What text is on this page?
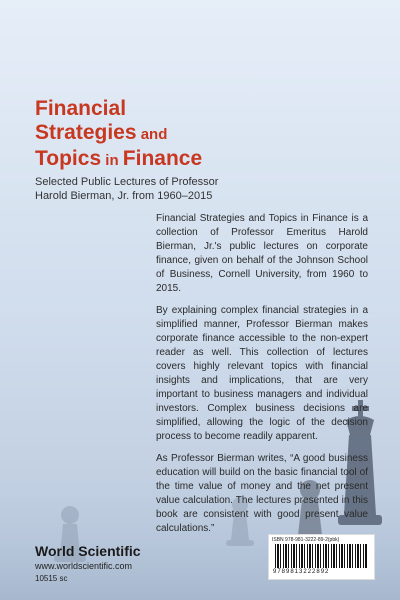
Financial
Strategies and
Topics in Finance
Selected Public Lectures of Professor
Harold Bierman, Jr. from 1960–2015

Financial Strategies and Topics in Finance is a collection of Professor Emeritus Harold Bierman, Jr.'s public lectures on corporate finance, given on behalf of the Johnson School of Business, Cornell University, from 1960 to 2015.

By explaining complex financial strategies in a simplified manner, Professor Bierman makes corporate finance accessible to the non-expert reader as well. This collection of lectures covers highly relevant topics with financial insights and implications, that are very important to business managers and individual investors. Complex business decisions are simplified, allowing the logic of the decision process to become readily apparent.

As Professor Bierman writes, “A good business education will build on the basic financial tool of the time value of money and the net present value calculation. The lectures presented in this book are consistent with good present value calculations.”

World Scientific
www.worldscientific.com
10515 sc
ISBN 978-981-3222-89-2(pbk)
9789813222892
